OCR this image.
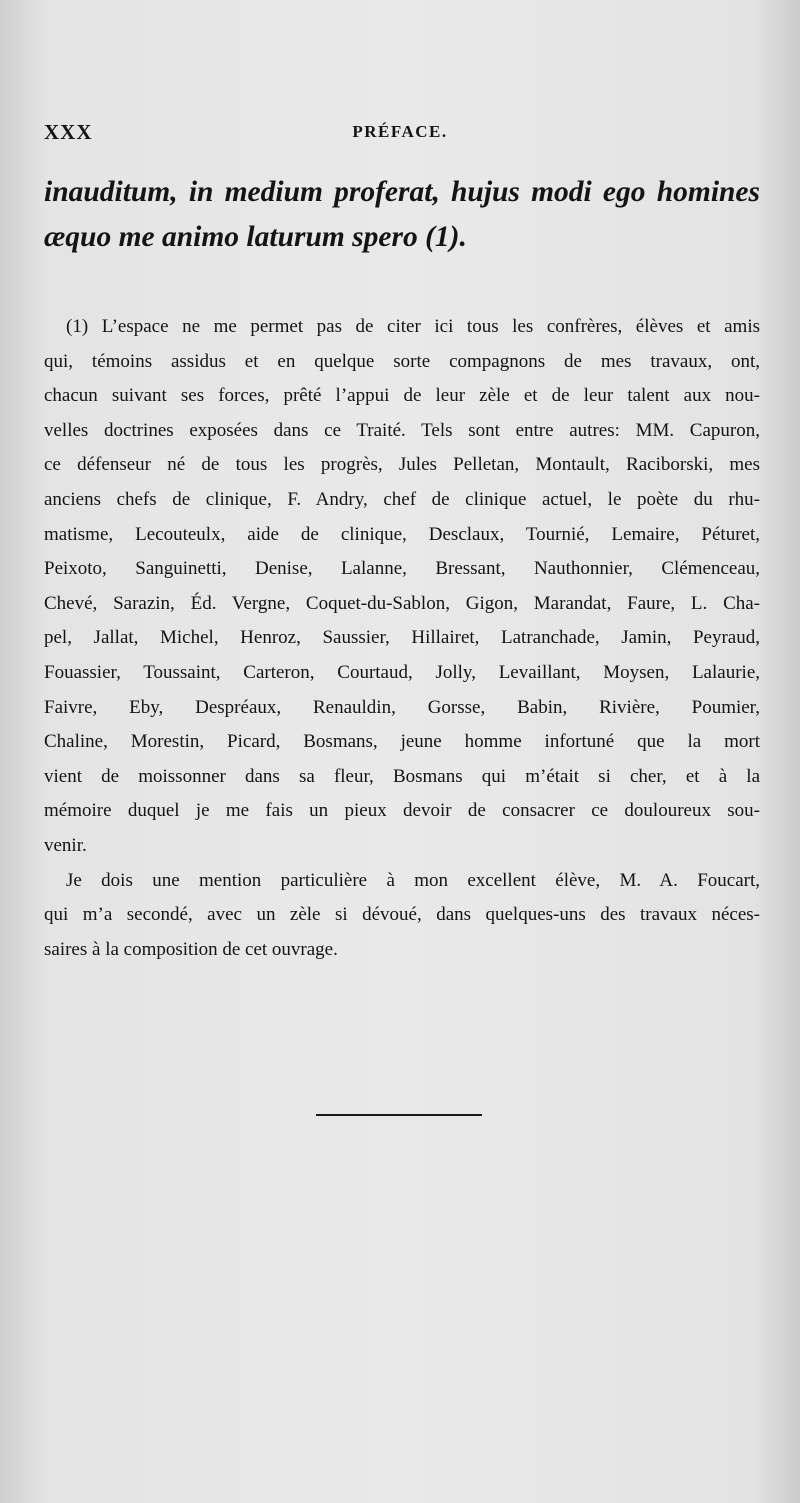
XXX	PRÉFACE.
inauditum, in medium proferat, hujus modi ego homines
æquo me animo laturum spero (1).
(1) L’espace ne me permet pas de citer ici tous les confrères, élèves et amis
qui, témoins assidus et en quelque sorte compagnons de mes travaux, ont,
chacun suivant ses forces, prêté l’appui de leur zèle et de leur talent aux nou-
velles doctrines exposées dans ce Traité. Tels sont entre autres: MM. Capuron,
ce défenseur né de tous les progrès, Jules Pelletan, Montault, Raciborski, mes
anciens chefs de clinique, F. Andry, chef de clinique actuel, le poète du rhu-
matisme, Lecouteulx, aide de clinique, Desclaux, Tournié, Lemaire, Péturet,
Peixoto, Sanguinetti, Denise, Lalanne, Bressant, Nauthonnier, Clémenceau,
Chevé, Sarazin, Éd. Vergne, Coquet-du-Sablon, Gigon, Marandat, Faure, L. Cha-
pel, Jallat, Michel, Henroz, Saussier, Hillairet, Latranchade, Jamin, Peyraud,
Fouassier, Toussaint, Carteron, Courtaud, Jolly, Levaillant, Moysen, Lalaurie,
Faivre, Eby, Despréaux, Renauldin, Gorsse, Babin, Rivière, Poumier,
Chaline, Morestin, Picard, Bosmans, jeune homme infortuné que la mort
vient de moissonner dans sa fleur, Bosmans qui m’était si cher, et à la
mémoire duquel je me fais un pieux devoir de consacrer ce douloureux sou-
venir.
Je dois une mention particulière à mon excellent élève, M. A. Foucart,
qui m’a secondé, avec un zèle si dévoué, dans quelques-uns des travaux néces-
saires à la composition de cet ouvrage.
